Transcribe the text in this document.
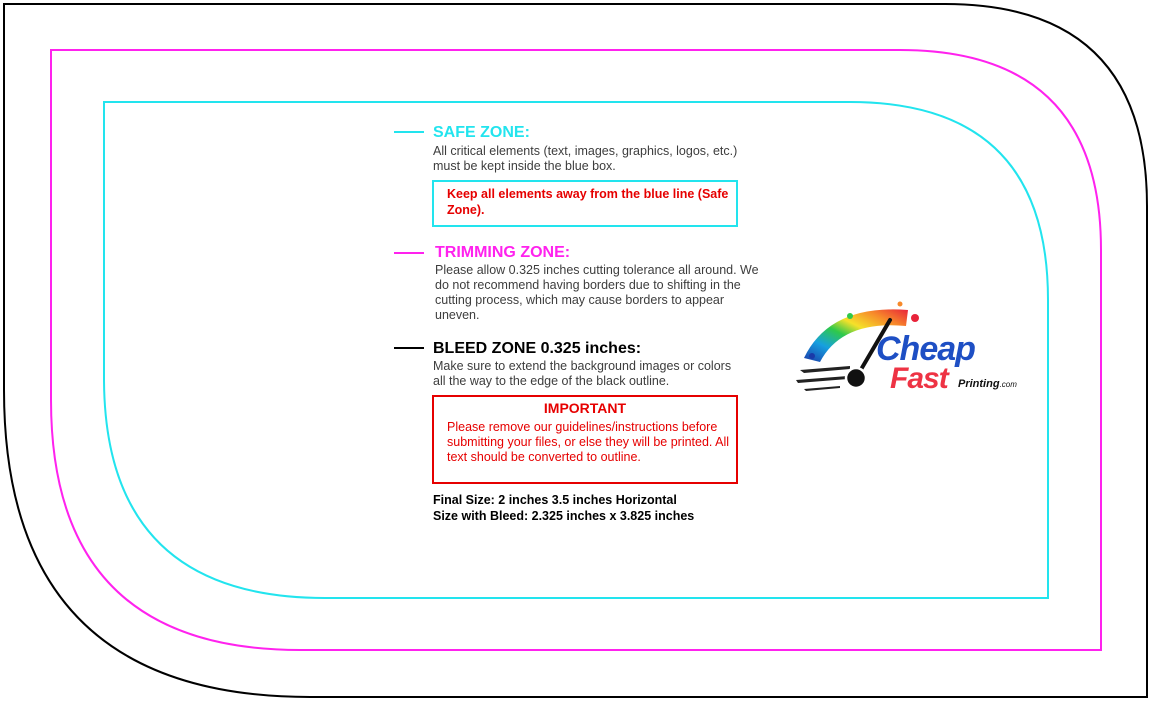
SAFE ZONE:
All critical elements (text, images, graphics, logos, etc.) must be kept inside the blue box.
Keep all elements away from the blue line (Safe Zone).
TRIMMING ZONE:
Please allow 0.325 inches cutting tolerance all around. We do not recommend having borders due to shifting in the cutting process, which may cause borders to appear uneven.
BLEED ZONE 0.325 inches:
Make sure to extend the background images or colors all the way to the edge of the black outline.
IMPORTANT
Please remove our guidelines/instructions before submitting your files, or else they will be printed. All text should be converted to outline.
Final Size: 2 inches 3.5 inches Horizontal
Size with Bleed: 2.325 inches x 3.825 inches
Cheap
Fast Printing.com
